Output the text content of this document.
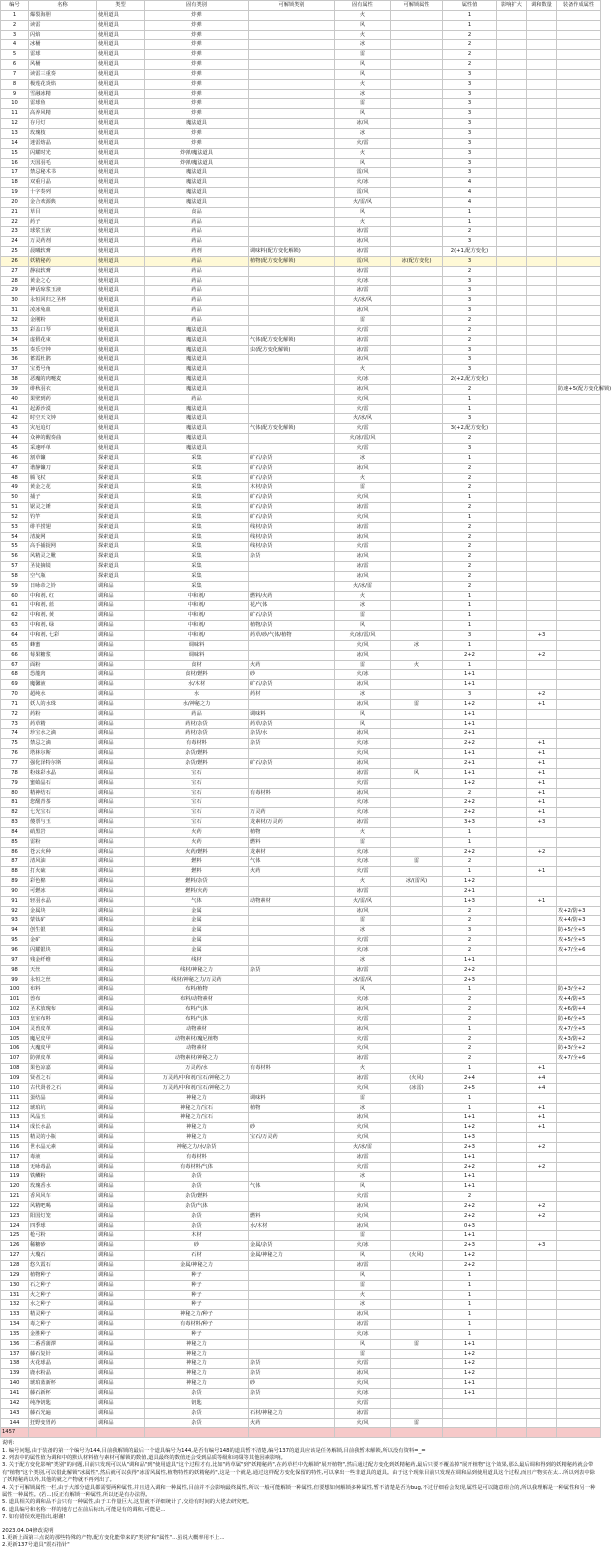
编号	名称	类型	固有类别	可解锁类别	固有属性	可解锁属性	属性值	影响扩大	调和数量	装备作成属性
1	爆裂海胆	使用道具	炸弹		火		1			
2	读雷	使用道具	炸弹		风		1			
3	闪焰	使用道具	炸弹		火		2			
4	冰桶	使用道具	炸弹		冰		2			
5	雷球	使用道具	炸弹		雷		2			
6	风桶	使用道具	炸弹		风		2			
7	读雷三重奏	使用道具	炸弹		风		3			
8	极莲花炎焰	使用道具	炸弹		火		3			
9	雪融冰精	使用道具	炸弹		冰		3			
10	雷球鱼	使用道具	炸弹		雷		3			
11	高养风精	使用道具	炸弹		风		3			
12	存月灯	使用道具	魔法道具		冰/风		3			
13	玫瑰枝	使用道具	炸弹		冰		3			
14	迷雷熔晶	使用道具	炸弹		火/雷		3			
15	闪耀时光	使用道具	炸弹/魔法道具		火		3			
16	天国羽毛	使用道具	炸弹/魔法道具		风		3			
17	禁忌秘术书	使用道具	魔法道具		雷/风		3			
18	双重月晶	使用道具	魔法道具		火/冰		4			
19	十字奏列	使用道具	魔法道具		雷/风		4			
20	金合欢源典	使用道具	魔法道具		火/雷/风		4			
21	草目	使用道具	食品		风		1			
22	药子	使用道具	药品		火		1			
23	球浆玉液	使用道具	药品		冰/雷		2			
24	万灵药剂	使用道具	药品		冰/风		3			
25	晨曦软膏	使用道具	药剂	调味料(配方变化解锁)	冰/雷		2(+1,配方变化)			
26	妖精秘药	使用道具	药品	植物(配方变化解锁)	雷/风	冰(配方变化)	3			
27	静寂软膏	使用道具	药品		冰/雷		2			
28	黄金之心	使用道具	药品		火/冰		3			
29	神话琼浆玉液	使用道具	药品		冰/雷		3			
30	永恒回归之圣杯	使用道具	药品		火/冰/风		3			
31	凌冰兔血	使用道具	药品		冰/风		3			
32	金刚粉	使用道具	药品		雷		2			
33	彩盖口琴	使用道具	魔法道具		火/雷		2			
34	虚假花束	使用道具	魔法道具	气体(配方变化解锁)	冰/雷		2			
35	奏乐空钟	使用道具	魔法道具	虫(配方变化解锁)	冰/雷		3			
36	蓄霞杜鹃	使用道具	魔法道具		冰/风		3			
37	宝勇号角	使用道具	魔法道具		火		3			
38	恶魔的肉嚏麦	使用道具	魔法道具		火/冰		2(+2,配方变化)			
39	绯秋羽衣	使用道具	魔法道具		冰/风		2			防速+5(配方变化解锁)
40	果壁到药	使用道具	药品		火/风		1			
41	起源沙漠	使用道具	魔法道具		火/雷		1			
42	时空天文钟	使用道具	魔法道具		火/冰/风		3			
43	灾厄追灯	使用道具	魔法道具	气体(配方变化解锁)	火/雷		3(+2,配方变化)			
44	众神的醒奏曲	使用道具	魔法道具		火/冰/雷/风		2			
45	采速呼单	使用道具	魔法道具		火/雷		3			
46	割草镰	探索道具	采集	矿石/杂货	冰		1			
47	谐静镰刀	探索道具	采集	矿石/杂货	冰/风		2			
48	腾飞杖	探索道具	采集	矿石/杂货	火		2			
49	黄金之花	探索道具	采集	木材/杂货	雷		2			
50	捕子	探索道具	采集	矿石/杂货	火/风		1			
51	锯灵之锤	探索道具	采集	矿石/杂货	冰/雷		2			
52	钓竿	探索道具	采集	矿石/杂货	火/风		1			
53	绯羊捞翅	探索道具	采集	线材/杂货	冰/雷		2			
54	清旋网	探索道具	采集	线材/杂货	冰/风		2			
55	高手捕捉网	探索道具	采集	线材/杂货	火/雷		2			
56	风精灵之靴	探索道具	采集	杂货	冰/风		2			
57	圣徒摘镜	探索道具	采集		冰/雷		2			
58	空气瓶	探索道具	采集		冰/风		2			
59	日咏帝之铃	调和品	采集		火/冰/雷		2			
60	中和剂, 红	调和品	中和剂/	燃料/火药	火		1			
61	中和剂, 蓝	调和品	中和剂/	花/气体	冰		1			
62	中和剂, 黄	调和品	中和剂/	矿石/杂货	雷		1			
63	中和剂, 绿	调和品	中和剂/	植物/杂货	风		1			
64	中和剂, 七彩	调和品	中和剂/	药草/砂/气体/植物	火/冰/雷/风		3		+3	
65	蜂蜜	调和品	调味料		火/风	冰	1			
66	莓果糖浆	调和品	调味料		冰/风		2+2		+2	
67	面粉	调和品	食材	火药	雷	火	1			
68	恐龍肉	调和品	食材/燃料	砂	火/冰		1+1			
69	魔馨液	调和品	水/木材	矿石/杂货	冰/风		1+1			
70	超纯水	调和品	水	药材	冰		3		+2	
71	妖人的水珠	调和品	水/神秘之力		冰/风	雷	1+2		+1	
72	药粉	调和品	药品	调味料	风		1+1			
73	药草精	调和品	药材/杂货	药草/杂货	风		1+1			
74	珍宝水之滴	调和品	药材/杂货	杂货/水	冰/风		2+1			
75	禁忌之滴	调和品	有毒材料	杂货	火/冰		2+2		+1	
76	塔林尔斯	调和品	杂货/燃料		火/风		1+1		+1	
77	强化泽特尔斯	调和品	杂货/燃料	矿石/杂货	冰/风		2+1		+1	
78	粉妹彩水晶	调和品	宝石		冰/雷	风	1+1		+1	
79	蜜蛤晶石	调和品	宝石		火/雷		1+2		+1	
80	精神结石	调和品	宝石	有毒材料	冰/风		2		+1	
81	您醒青茶	调和品	宝石		火/冰		2+2		+1	
82	七光宝石	调和品	宝石	万灵药	火/冰		2+2		+1	
83	傻票与玉	调和品	宝石	龙素材/万灵药	冰/雷		3+3		+3	
84	硝黑岩	调和品	火药	植物	火		1			
85	雷粉	调和品	火药	燃料	雷		1			
86	苍云火种	调和品	火药/燃料	龙素材	火/冰		2+2		+2	
87	清风油	调和品	燃料	气体	火/冰	雷	2			
88	打火硫	调和品	燃料	火药	火/雷		1		+1	
89	彩色棉	调和品	燃料/杂货		火	冰/(雷风)	1+2			
90	可燃冰	调和品	燃料/火药		冰/雷		2+1			
91	轻羽水晶	调和品	气体	动物素材	火/雷/风		1+3		+1	
92	金属块	调和品	金属		冰/风		2			攻+2/防+3
93	蒙钛矿	调和品	金属		雷		2			攻+4/防+3
94	创生银	调和品	金属		冰		3			防+5/全+5
95	金矿	调和品	金属		火/雷		2			攻+5/全+5
96	闪耀银块	调和品	金属		火/冰		2			攻+7/全+6
97	残金纤维	调和品	线材		冰		1+1			
98	天丝	调和品	线材/神秘之力	杂货	冰/雷		2+2			
99	永恒之丝	调和品	线材/神秘之力/万灵药		冰/雷/风		2+3			
100	布料	调和品	布料/植物		风		1			防+3/全+2
101	兽布	调和品	布料/动物素材		火/冰		2			攻+4/防+5
102	圣术放瑰布	调和品	布料/气体		冰/风		2			攻+6/防+4
103	皇室布料	调和品	布料/气体		火/雷		2			防+6/全+5
104	灵兽皮革	调和品	动物素材		冰/风		1			攻+7/全+5
105	魔尼皮甲	调和品	动物素材/魔尼植物		火/雷		2			攻+3/防+2
106	大魔皮甲	调和品	动物素材		火/风		2			防+3/全+2
107	防弹皮革	调和品	动物素材/神秘之力		冰/雷		2			攻+7/全+6
108	果色凉嘉	调和品	万灵药/水	有毒材料	火		1		+1	
109	贤者之石	调和品	万灵药/中和剂/宝石/神秘之力		冰/雷	(火风)	2+4		+4	
110	古代贤者之石	调和品	万灵药/中和剂/宝石/神秘之力		火/风	(冰雷)	2+5		+4	
111	蛋结晶	调和品	神秘之力	调味料	雷		1			
112	琥珀坑	调和品	神秘之力/宝石	植物	冰		1		+1	
113	风晶玉	调和品	神秘之力/宝石		冰/风		1+1		+1	
114	成长水晶	调和品	神秘之力	砂	火/风		1+2		+1	
115	精灵的小瓶	调和品	神秘之力	宝石/万灵药	火/风		1+3			
116	世水晶元素	调和品	神秘之力/水/杂货		火/冰/雷		2+3		+2	
117	毒液	调和品	有毒材料		冰/雷		1+1			
118	无咏毒晶	调和品	有毒材料/气体		火/雷		2+2		+2	
119	铁鳞粉	调和品	杂货		冰		1+1			
120	玫瑰香水	调和品	杂货	气体	风		1+1			
121	香风风车	调和品	杂货/燃料		火/雷		2			
122	风精吧喝	调和品	杂货/气体		冰/风		2+2		+2	
123	阳国灯笼	调和品	杂货	燃料	火/风		2+2		+2	
124	四季球	调和品	杂货	水/木材	冰/风		0+3			
125	枪弓粉	调和品	木材		雷		1+1			
126	稀糖砂	调和品	砂	金属/杂货	火/冰		2+3		+3	
127	大瓊石	调和品	石材	金属/神秘之力	风	(火风)	1+2			
128	悠久霞石	调和品	金属/神秘之力		冰/雷		2+2			
129	植物种子	调和品	种子		风		1			
130	石之种子	调和品	种子		雷		1			
131	火之种子	调和品	种子		火		1			
132	水之种子	调和品	种子		冰		1			
133	精灵种子	调和品	神秘之力/种子		冰/风		1			
134	毒之种子	调和品	有毒材料/种子		冰/雷		1			
135	金胜种子	调和品	种子		火/冰		1			
136	二番香蒲澤	调和品	神秘之力		风	雷	1+1			
137	藤石复针	调和品	神秘之力		雷		1+2			
138	火花球晶	调和品	神秘之力	杂货	火/雷		1+2			
139	鹿水粉晶	调和品	神秘之力	杂货	冰/风		1+2			
140	琥珀蓝新杯	调和品	神秘之力	砂	火/风		1+1			
141	藤石新杯	调和品	杂货	杂货	火/冰		1+1			
142	纯净钥匙	调和品	钥匙		火/雷					
143	藤石光遍	调和品	杂货	石材/神秘之力	冰/雷					
144	狂野变胃药	调和品	杂货	火药	火/风	雷				
1457										
说明:
1. 编号问题,由于装备的第一个编号为144,目前我解锁的最后一个道具编号为144,是否有编号148的道具暂不清楚,编号137的道具应该是任务解锁,目前我暂未解锁,所以没有资料=_=
2. 列表中的属性值为调和中的默认材料值与素材可解锁的数值,道具最终的数值还会受到品质等级和词缀等其他因素影响。
3. 关于配方变化影响"类别"的问题,目前只发现可以从"调和品"到"使用道具"这个过程才有,比如"药草属"到"妖精秘药",在药草栏中先解锁"展开植物",然后通过配方变化到妖精秘药,最后只要不覆盖掉"展开植物"这个效果,那么最后调和得到的妖精秘药就会带有"植物"这个类别,可以借此解锁"冰属性",然后就可以获得"冰雷风属性,植物特性的妖精秘药",这是一个就是,通过这样配方变化保留的特性,可以拿出一些非道具的道具。由于这个现象目前只发现在调和品到使用道具这个过程,而且产物实在太...所以列表中除了妖精秘药以外,其他的就之产物就不再列出了。
4. 关于可解锁属性一栏,由于大部分道具都需要两种属性,并且进入调和一种属性,目前并不会影响最终属性,所以一般可能解锁一种属性,但要想如何解锁多种属性,暂不清楚是否为bug,不过仔细看会发现,属性是可以随意组合的,所以我理解是一种属性和另一种属性一种属性。(若...)反正有解锁一种属性,所以还是有办法得。
5. 道具相关的调和品不会只有一种属性,由于工作量巨大,这里就不详细统计了,交给有时间的大佬去研究吧。
6. 道具编号和名称一样的地方已在前后标出,可能是有的调和,可能是...
7. 如有错误欢迎指出,谢谢!
2023.04.04修改说明
1.更新上面第三点说的那些特殊的产物,配方变化能带来的"类别"和"属性"...虽说大概率用不上...
2.更新137号道具"震石指针"
